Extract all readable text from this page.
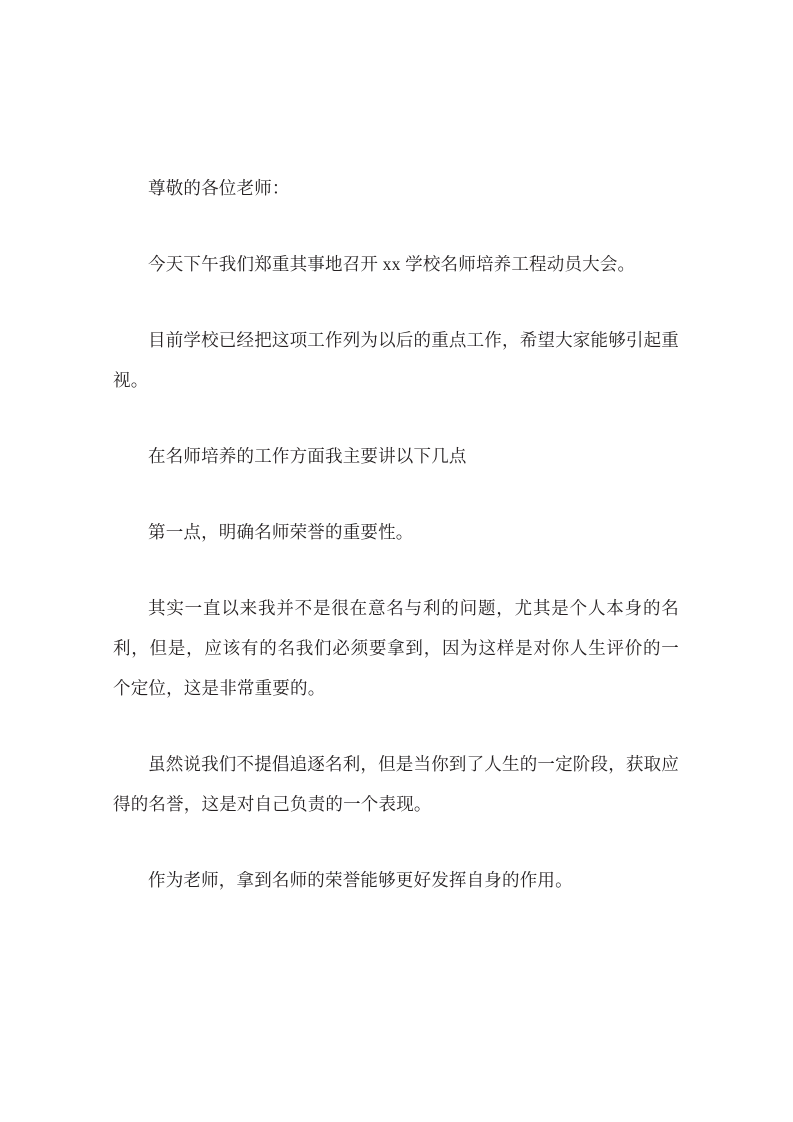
尊敬的各位老师：

今天下午我们郑重其事地召开 xx 学校名师培养工程动员大会。

目前学校已经把这项工作列为以后的重点工作，希望大家能够引起重视。

在名师培养的工作方面我主要讲以下几点

第一点，明确名师荣誉的重要性。

其实一直以来我并不是很在意名与利的问题，尤其是个人本身的名利，但是，应该有的名我们必须要拿到，因为这样是对你人生评价的一个定位，这是非常重要的。

虽然说我们不提倡追逐名利，但是当你到了人生的一定阶段，获取应得的名誉，这是对自己负责的一个表现。

作为老师，拿到名师的荣誉能够更好发挥自身的作用。
